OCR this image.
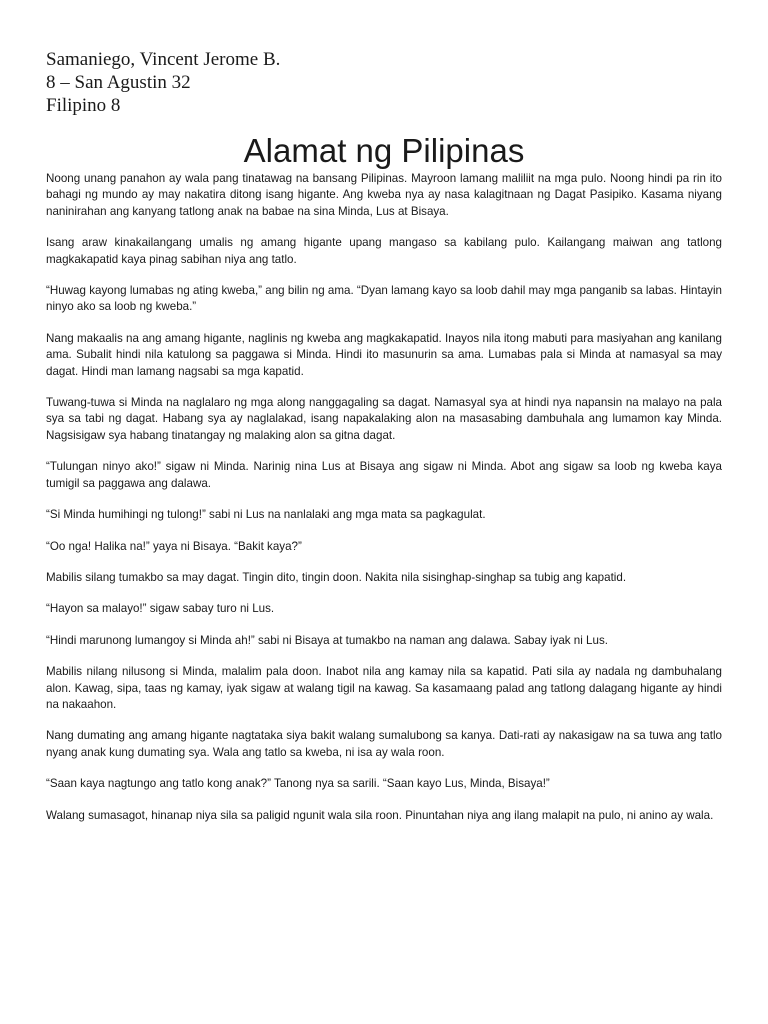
Samaniego, Vincent Jerome B.
8 – San Agustin 32
Filipino 8
Alamat ng Pilipinas

Noong unang panahon ay wala pang tinatawag na bansang Pilipinas. Mayroon lamang maliliit na mga pulo. Noong hindi pa rin ito bahagi ng mundo ay may nakatira ditong isang higante. Ang kweba nya ay nasa kalagitnaan ng Dagat Pasipiko. Kasama niyang naninirahan ang kanyang tatlong anak na babae na sina Minda, Lus at Bisaya.

Isang araw kinakailangang umalis ng amang higante upang mangaso sa kabilang pulo. Kailangang maiwan ang tatlong magkakapatid kaya pinag sabihan niya ang tatlo.

“Huwag kayong lumabas ng ating kweba,” ang bilin ng ama. “Dyan lamang kayo sa loob dahil may mga panganib sa labas. Hintayin ninyo ako sa loob ng kweba.”

Nang makaalis na ang amang higante, naglinis ng kweba ang magkakapatid. Inayos nila itong mabuti para masiyahan ang kanilang ama. Subalit hindi nila katulong sa paggawa si Minda. Hindi ito masunurin sa ama. Lumabas pala si Minda at namasyal sa may dagat. Hindi man lamang nagsabi sa mga kapatid.

Tuwang-tuwa si Minda na naglalaro ng mga along nanggagaling sa dagat. Namasyal sya at hindi nya napansin na malayo na pala sya sa tabi ng dagat. Habang sya ay naglalakad, isang napakalaking alon na masasabing dambuhala ang lumamon kay Minda. Nagsisigaw sya habang tinatangay ng malaking alon sa gitna dagat.

“Tulungan ninyo ako!” sigaw ni Minda. Narinig nina Lus at Bisaya ang sigaw ni Minda. Abot ang sigaw sa loob ng kweba kaya tumigil sa paggawa ang dalawa.

“Si Minda humihingi ng tulong!” sabi ni Lus na nanlalaki ang mga mata sa pagkagulat.

“Oo nga! Halika na!” yaya ni Bisaya. “Bakit kaya?”

Mabilis silang tumakbo sa may dagat. Tingin dito, tingin doon. Nakita nila sisinghap-singhap sa tubig ang kapatid.

“Hayon sa malayo!” sigaw sabay turo ni Lus.

“Hindi marunong lumangoy si Minda ah!” sabi ni Bisaya at tumakbo na naman ang dalawa. Sabay iyak ni Lus.

Mabilis nilang nilusong si Minda, malalim pala doon. Inabot nila ang kamay nila sa kapatid. Pati sila ay nadala ng dambuhalang alon. Kawag, sipa, taas ng kamay, iyak sigaw at walang tigil na kawag. Sa kasamaang palad ang tatlong dalagang higante ay hindi na nakaahon.

Nang dumating ang amang higante nagtataka siya bakit walang sumalubong sa kanya. Dati-rati ay nakasigaw na sa tuwa ang tatlo nyang anak kung dumating sya. Wala ang tatlo sa kweba, ni isa ay wala roon.

“Saan kaya nagtungo ang tatlo kong anak?” Tanong nya sa sarili. “Saan kayo Lus, Minda, Bisaya!”

Walang sumasagot, hinanap niya sila sa paligid ngunit wala sila roon. Pinuntahan niya ang ilang malapit na pulo, ni anino ay wala.
